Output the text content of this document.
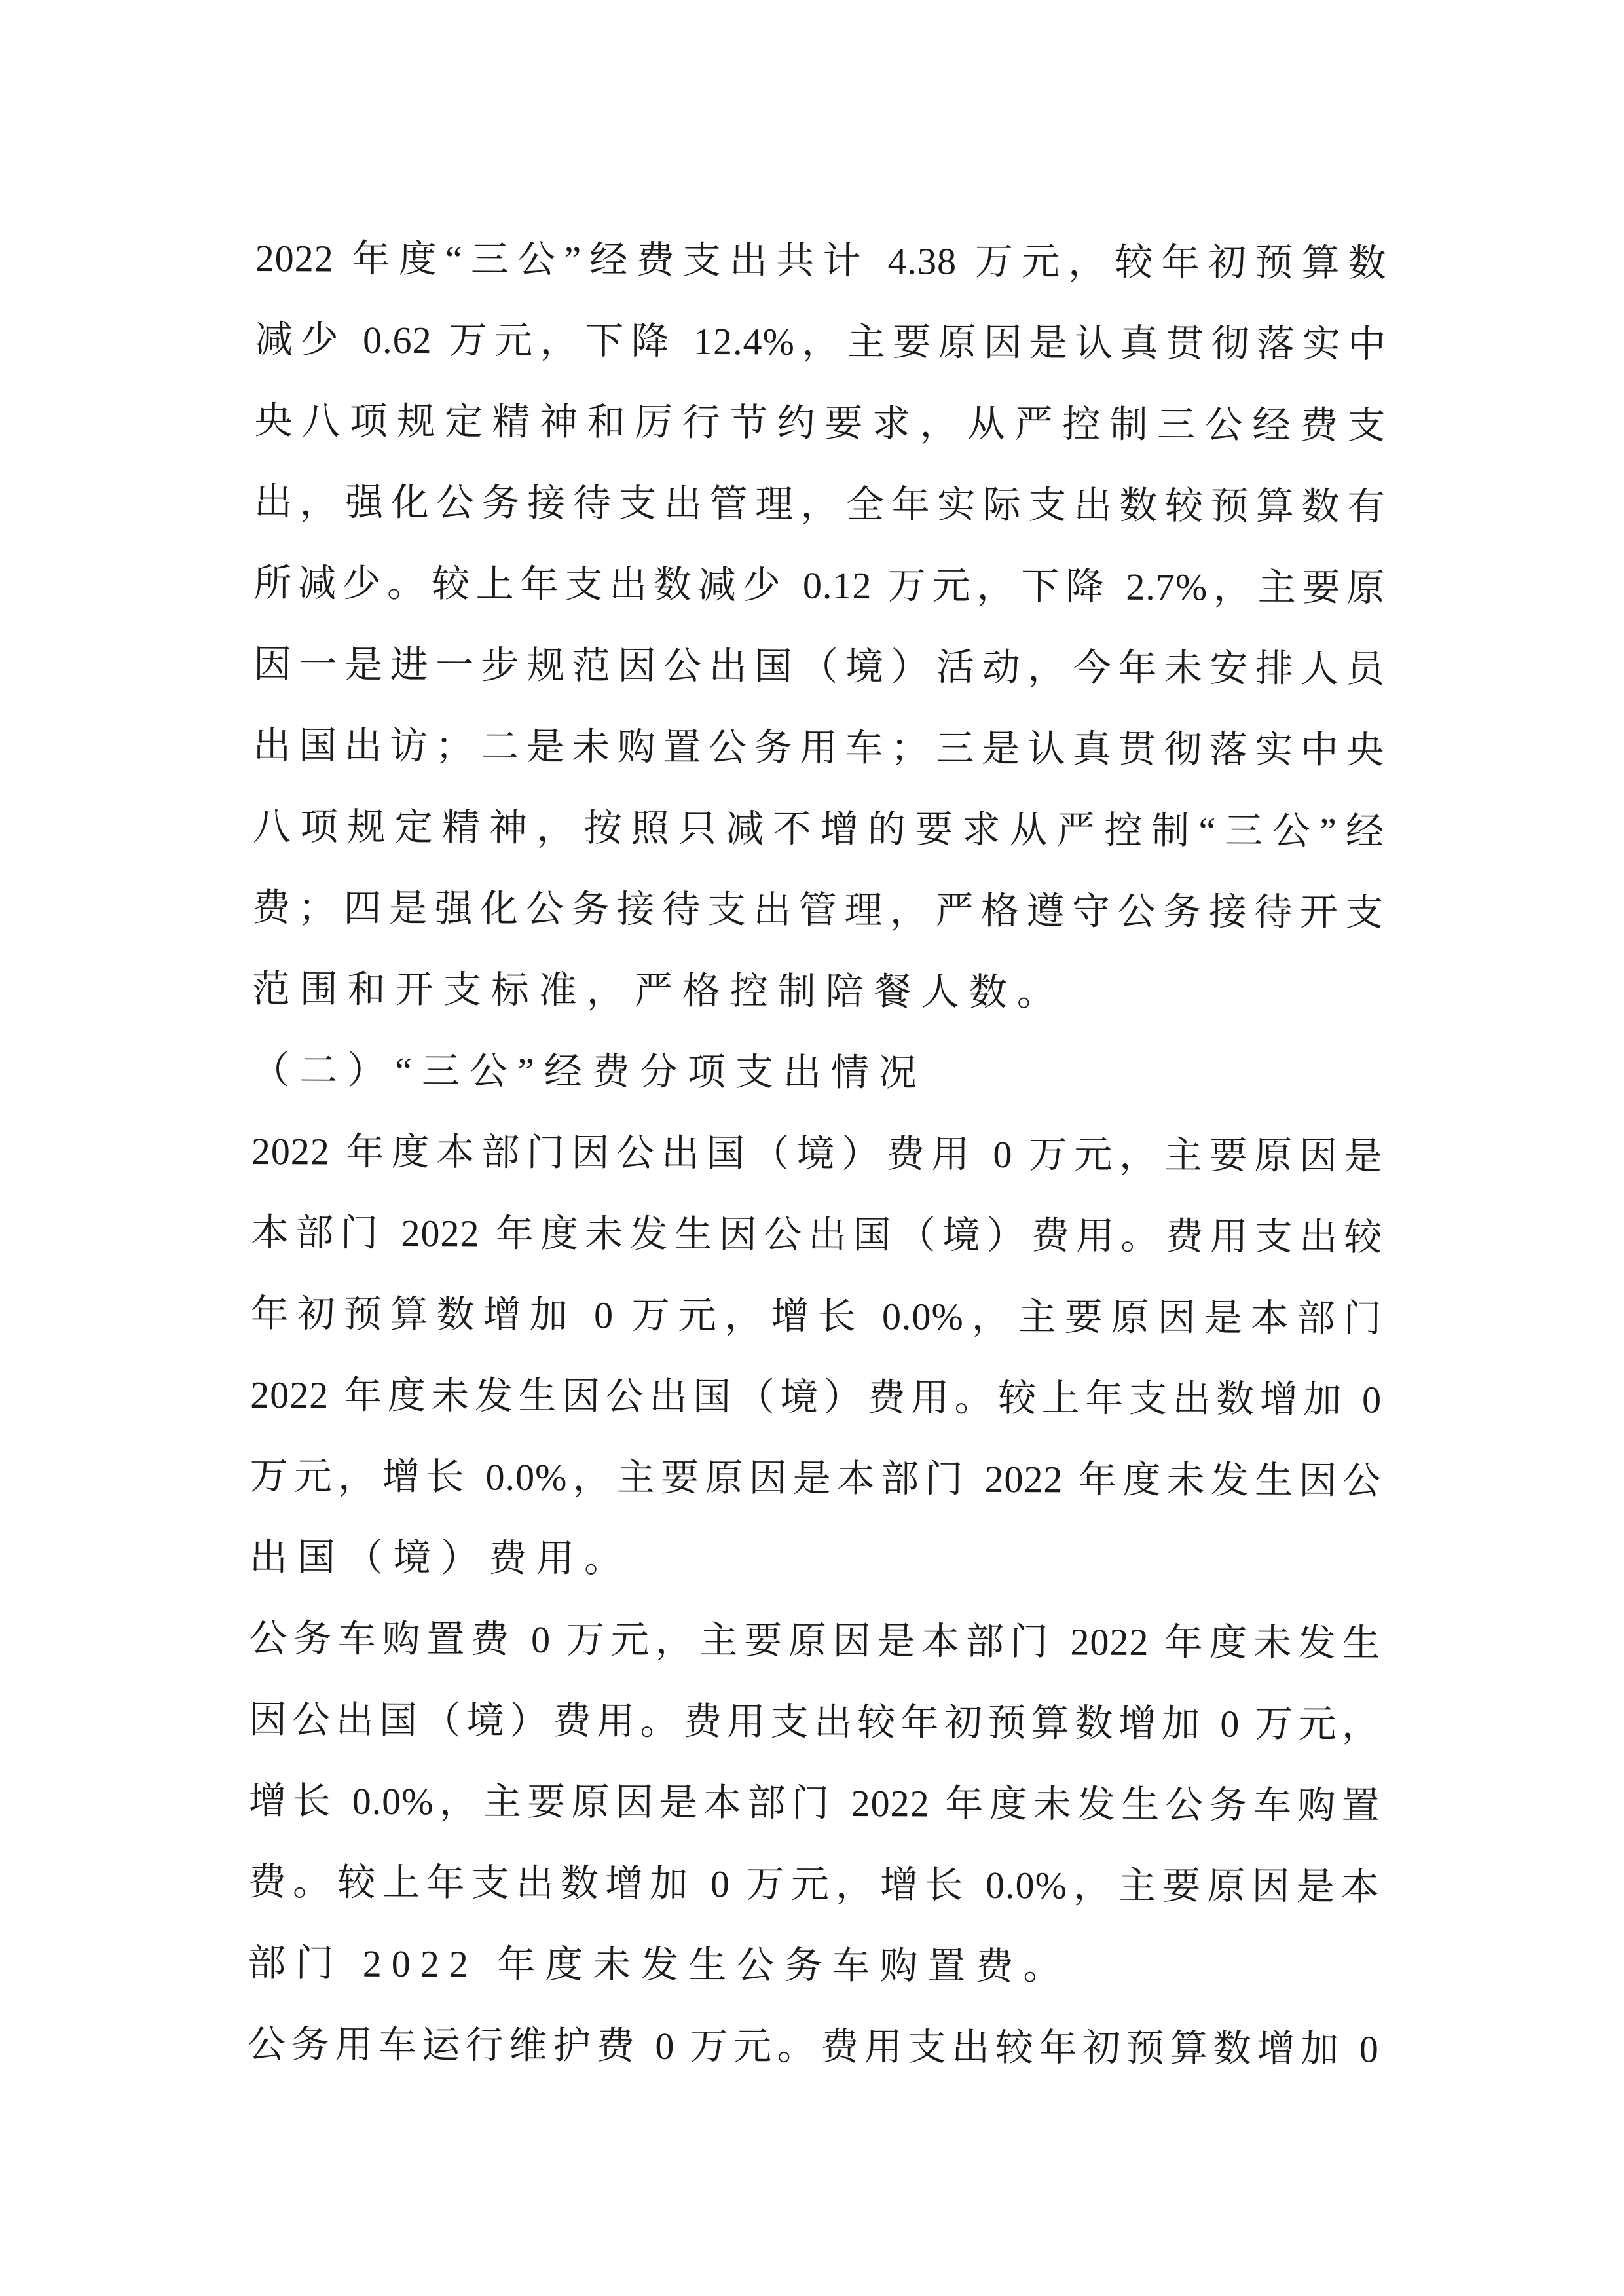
2022 年度“三公”经费支出共计 4.38 万元，较年初预算数
减少 0.62 万元，下降 12.4%，主要原因是认真贯彻落实中
央八项规定精神和厉行节约要求，从严控制三公经费支
出，强化公务接待支出管理，全年实际支出数较预算数有
所减少。较上年支出数减少 0.12 万元，下降 2.7%，主要原
因一是进一步规范因公出国（境）活动，今年未安排人员
出国出访；二是未购置公务用车；三是认真贯彻落实中央
八项规定精神，按照只减不增的要求从严控制“三公”经
费；四是强化公务接待支出管理，严格遵守公务接待开支
范围和开支标准，严格控制陪餐人数。
（二）“三公”经费分项支出情况
2022 年度本部门因公出国（境）费用 0 万元，主要原因是
本部门 2022 年度未发生因公出国（境）费用。费用支出较
年初预算数增加 0 万元，增长 0.0%，主要原因是本部门
2022 年度未发生因公出国（境）费用。较上年支出数增加 0
万元，增长 0.0%，主要原因是本部门 2022 年度未发生因公
出国（境）费用。
公务车购置费 0 万元，主要原因是本部门 2022 年度未发生
因公出国（境）费用。费用支出较年初预算数增加 0 万元，
增长 0.0%，主要原因是本部门 2022 年度未发生公务车购置
费。较上年支出数增加 0 万元，增长 0.0%，主要原因是本
部门 2022 年度未发生公务车购置费。
公务用车运行维护费 0 万元。费用支出较年初预算数增加 0
